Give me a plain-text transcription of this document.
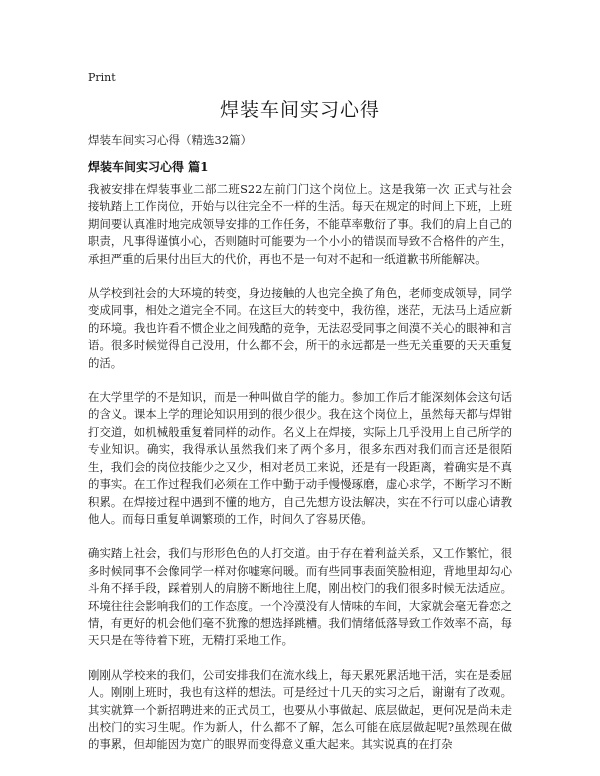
Print
焊装车间实习心得
焊装车间实习心得（精选32篇）
焊装车间实习心得 篇1

我被安排在焊装事业二部二班S22左前门门这个岗位上。这是我第一次 正式与社会接轨踏上工作岗位，开始与以往完全不一样的生活。每天在规定的时间上下班，上班期间要认真准时地完成领导安排的工作任务，不能草率敷衍了事。我们的肩上自己的职责，凡事得谨慎小心，否则随时可能要为一个小小的错误而导致不合格件的产生，承担严重的后果付出巨大的代价，再也不是一句对不起和一纸道歉书所能解决。

从学校到社会的大环境的转变，身边接触的人也完全换了角色，老师变成领导，同学变成同事，相处之道完全不同。在这巨大的转变中，我彷徨，迷茫，无法马上适应新的环境。我也许看不惯企业之间残酷的竞争，无法忍受同事之间漠不关心的眼神和言语。很多时候觉得自己没用，什么都不会，所干的永远都是一些无关重要的天天重复的活。

在大学里学的不是知识，而是一种叫做自学的能力。参加工作后才能深刻体会这句话的含义。课本上学的理论知识用到的很少很少。我在这个岗位上，虽然每天都与焊钳打交道，如机械般重复着同样的动作。名义上在焊接，实际上几乎没用上自己所学的专业知识。确实，我得承认虽然我们来了两个多月，很多东西对我们而言还是很陌生，我们会的岗位技能少之又少，相对老员工来说，还是有一段距离，着确实是不真的事实。在工作过程我们必须在工作中勤于动手慢慢琢磨，虚心求学，不断学习不断积累。在焊接过程中遇到不懂的地方，自己先想方设法解决，实在不行可以虚心请教他人。而每日重复单调繁琐的工作，时间久了容易厌倦。

确实踏上社会，我们与形形色色的人打交道。由于存在着利益关系，又工作繁忙，很多时候同事不会像同学一样对你嘘寒问暖。而有些同事表面笑脸相迎，背地里却勾心斗角不择手段，踩着别人的肩膀不断地往上爬，刚出校门的我们很多时候无法适应。环境往往会影响我们的工作态度。一个冷漠没有人情味的车间，大家就会毫无眷恋之情，有更好的机会他们毫不犹豫的想选择跳槽。我们情绪低落导致工作效率不高，每天只是在等待着下班，无精打采地工作。

刚刚从学校来的我们，公司安排我们在流水线上，每天累死累活地干活，实在是委屈人。刚刚上班时，我也有这样的想法。可是经过十几天的实习之后，谢谢有了改观。其实就算一个新招聘进来的正式员工，也要从小事做起、底层做起，更何况是尚未走出校门的实习生呢。作为新人，什么都不了解，怎么可能在底层做起呢?虽然现在做的事累，但却能因为宽广的眼界而变得意义重大起来。其实说真的在打杂
